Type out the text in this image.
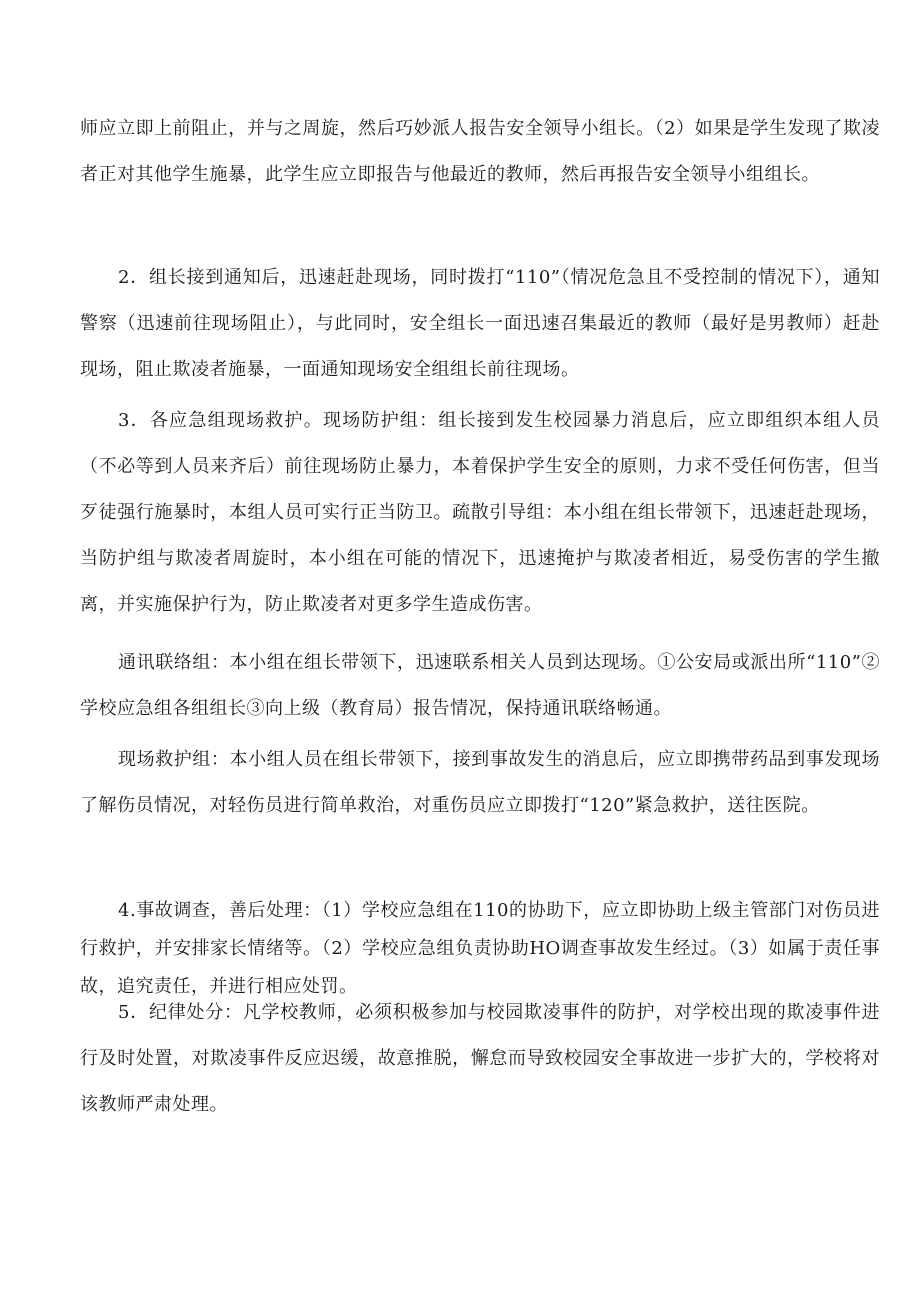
师应立即上前阻止，并与之周旋，然后巧妙派人报告安全领导小组长。（2）如果是学生发现了欺凌者正对其他学生施暴，此学生应立即报告与他最近的教师，然后再报告安全领导小组组长。

2．组长接到通知后，迅速赶赴现场，同时拨打“110”（情况危急且不受控制的情况下），通知警察（迅速前往现场阻止），与此同时，安全组长一面迅速召集最近的教师（最好是男教师）赶赴现场，阻止欺凌者施暴，一面通知现场安全组组长前往现场。

3．各应急组现场救护。现场防护组：组长接到发生校园暴力消息后，应立即组织本组人员（不必等到人员来齐后）前往现场防止暴力，本着保护学生安全的原则，力求不受任何伤害，但当歹徒强行施暴时，本组人员可实行正当防卫。疏散引导组：本小组在组长带领下，迅速赶赴现场，当防护组与欺凌者周旋时，本小组在可能的情况下，迅速掩护与欺凌者相近，易受伤害的学生撤离，并实施保护行为，防止欺凌者对更多学生造成伤害。

通讯联络组：本小组在组长带领下，迅速联系相关人员到达现场。①公安局或派出所“110”②学校应急组各组组长③向上级（教育局）报告情况，保持通讯联络畅通。

现场救护组：本小组人员在组长带领下，接到事故发生的消息后，应立即携带药品到事发现场了解伤员情况，对轻伤员进行简单救治，对重伤员应立即拨打“120”紧急救护，送往医院。

4.事故调查，善后处理：（1）学校应急组在110的协助下，应立即协助上级主管部门对伤员进行救护，并安排家长情绪等。（2）学校应急组负责协助HO调查事故发生经过。（3）如属于责任事故，追究责任，并进行相应处罚。

5．纪律处分：凡学校教师，必须积极参加与校园欺凌事件的防护，对学校出现的欺凌事件进行及时处置，对欺凌事件反应迟缓，故意推脱，懈怠而导致校园安全事故进一步扩大的，学校将对该教师严肃处理。
